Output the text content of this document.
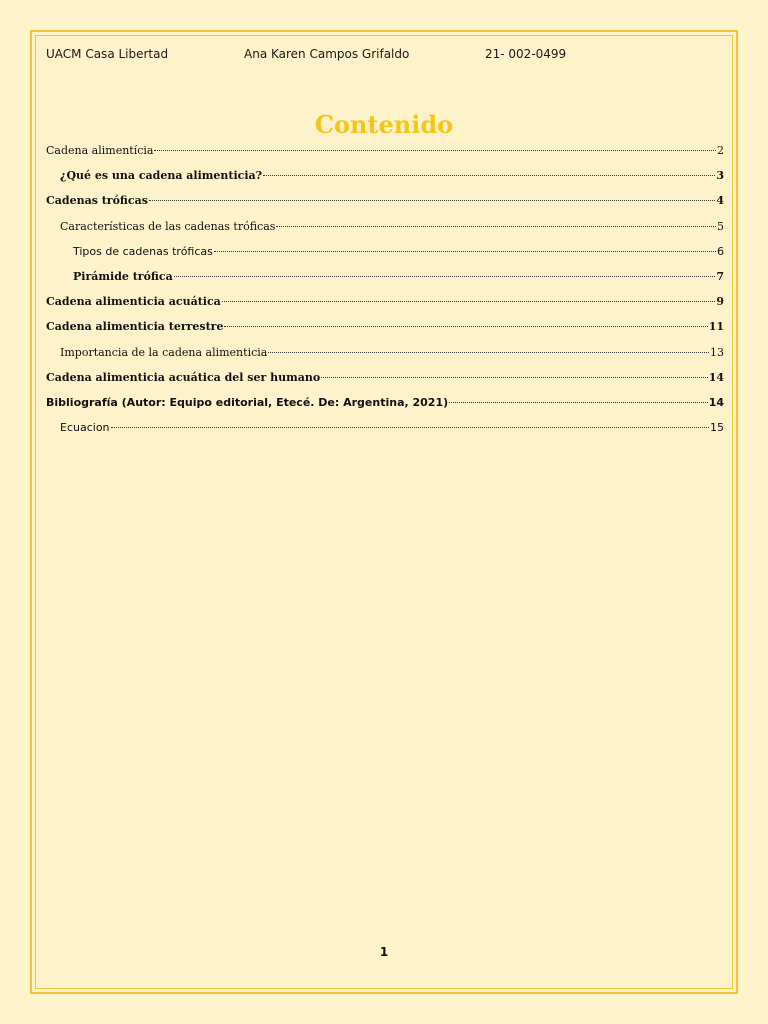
UACM Casa Libertad	Ana Karen Campos Grifaldo	21- 002-0499
Contenido
Cadena alimentícia	2
¿Qué es una cadena alimenticia?	3
Cadenas tróficas	4
Características de las cadenas tróficas	5
Tipos de cadenas tróficas	6
Pirámide trófica	7
Cadena alimenticia acuática	9
Cadena alimenticia terrestre	11
Importancia de la cadena alimenticia	13
Cadena alimenticia acuática del ser humano	14
Bibliografía (Autor: Equipo editorial, Etecé. De: Argentina, 2021)	14
Ecuacion	15
1
